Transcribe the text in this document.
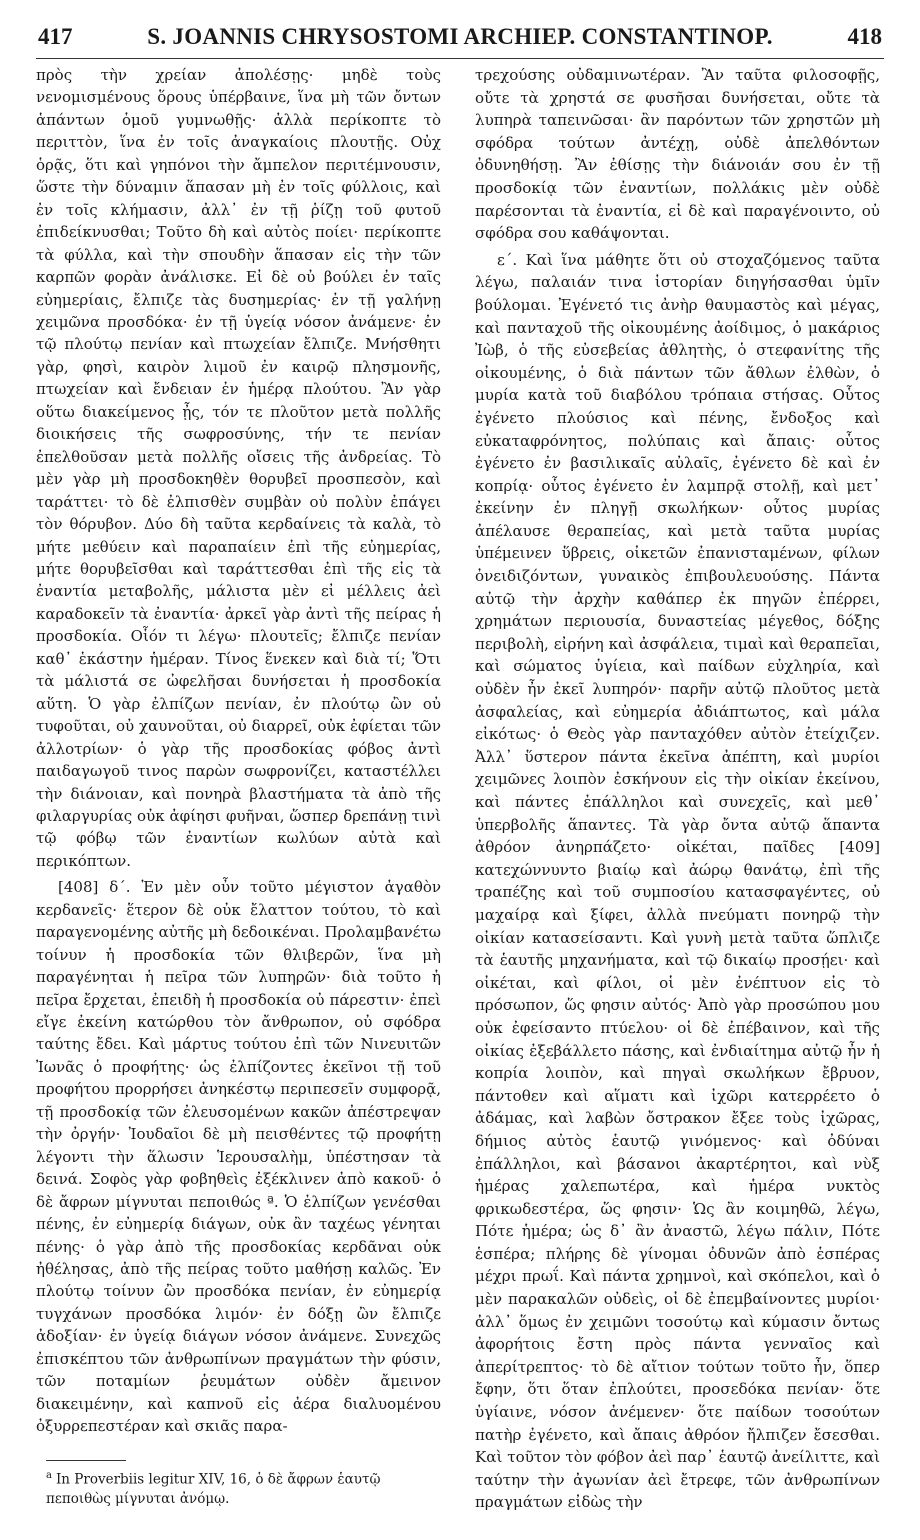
417	S. JOANNIS CHRYSOSTOMI ARCHIEP. CONSTANTINOP.	418

πρὸς τὴν χρείαν ἀπολέσῃς· μηδὲ τοὺς νενομισμένους ὅρους ὑπέρβαινε, ἵνα μὴ τῶν ὄντων ἁπάντων ὁμοῦ γυμνωθῇς· ἀλλὰ περίκοπτε τὸ περιττὸν, ἵνα ἐν τοῖς ἀναγκαίοις πλουτῇς. Οὐχ ὁρᾷς, ὅτι καὶ γηπόνοι τὴν ἄμπελον περιτέμνουσιν, ὥστε τὴν δύναμιν ἅπασαν μὴ ἐν τοῖς φύλλοις, καὶ ἐν τοῖς κλήμασιν, ἀλλ᾽ ἐν τῇ ῥίζῃ τοῦ φυτοῦ ἐπιδείκνυσθαι; Τοῦτο δὴ καὶ αὐτὸς ποίει· περίκοπτε τὰ φύλλα, καὶ τὴν σπουδὴν ἅπασαν εἰς τὴν τῶν καρπῶν φορὰν ἀνάλισκε. Εἰ δὲ οὐ βούλει ἐν ταῖς εὐημερίαις, ἔλπιζε τὰς δυσημερίας· ἐν τῇ γαλήνῃ χειμῶνα προσδόκα· ἐν τῇ ὑγείᾳ νόσον ἀνάμενε· ἐν τῷ πλούτῳ πενίαν καὶ πτωχείαν ἔλπιζε. Μνήσθητι γὰρ, φησὶ, καιρὸν λιμοῦ ἐν καιρῷ πλησμονῆς, πτωχείαν καὶ ἔνδειαν ἐν ἡμέρᾳ πλούτου. Ἂν γὰρ οὕτω διακείμενος ᾖς, τόν τε πλοῦτον μετὰ πολλῆς διοικήσεις τῆς σωφροσύνης, τήν τε πενίαν ἐπελθοῦσαν μετὰ πολλῆς οἴσεις τῆς ἀνδρείας. Τὸ μὲν γὰρ μὴ προσδοκηθὲν θορυβεῖ προσπεσὸν, καὶ ταράττει· τὸ δὲ ἐλπισθὲν συμβὰν οὐ πολὺν ἐπάγει τὸν θόρυβον. Δύο δὴ ταῦτα κερδαίνεις τὰ καλὰ, τὸ μήτε μεθύειν καὶ παραπαίειν ἐπὶ τῆς εὐημερίας, μήτε θορυβεῖσθαι καὶ ταράττεσθαι ἐπὶ τῆς εἰς τὰ ἐναντία μεταβολῆς, μάλιστα μὲν εἰ μέλλεις ἀεὶ καραδοκεῖν τὰ ἐναντία· ἀρκεῖ γὰρ ἀντὶ τῆς πείρας ἡ προσδοκία. Οἷόν τι λέγω· πλουτεῖς; ἔλπιζε πενίαν καθ᾽ ἑκάστην ἡμέραν. Τίνος ἕνεκεν καὶ διὰ τί; Ὅτι τὰ μάλιστά σε ὠφελῆσαι δυνήσεται ἡ προσδοκία αὕτη. Ὁ γὰρ ἐλπίζων πενίαν, ἐν πλούτῳ ὢν οὐ τυφοῦται, οὐ χαυνοῦται, οὐ διαρρεῖ, οὐκ ἐφίεται τῶν ἀλλοτρίων· ὁ γὰρ τῆς προσδοκίας φόβος ἀντὶ παιδαγωγοῦ τινος παρὼν σωφρονίζει, καταστέλλει τὴν διάνοιαν, καὶ πονηρὰ βλαστήματα τὰ ἀπὸ τῆς φιλαργυρίας οὐκ ἀφίησι φυῆναι, ὥσπερ δρεπάνῃ τινὶ τῷ φόβῳ τῶν ἐναντίων κωλύων αὐτὰ καὶ περικόπτων.

[408] δ΄. Ἐν μὲν οὖν τοῦτο μέγιστον ἀγαθὸν κερδανεῖς· ἕτερον δὲ οὐκ ἔλαττον τούτου, τὸ καὶ παραγενομένης αὐτῆς μὴ δεδοικέναι. Προλαμβανέτω τοίνυν ἡ προσδοκία τῶν θλιβερῶν, ἵνα μὴ παραγένηται ἡ πεῖρα τῶν λυπηρῶν· διὰ τοῦτο ἡ πεῖρα ἔρχεται, ἐπειδὴ ἡ προσδοκία οὐ πάρεστιν· ἐπεὶ εἴγε ἐκείνη κατώρθου τὸν ἄνθρωπον, οὐ σφόδρα ταύτης ἔδει. Καὶ μάρτυς τούτου ἐπὶ τῶν Νινευιτῶν Ἰωνᾶς ὁ προφήτης· ὡς ἐλπίζοντες ἐκεῖνοι τῇ τοῦ προφήτου προρρήσει ἀνηκέστῳ περιπεσεῖν συμφορᾷ, τῇ προσδοκίᾳ τῶν ἐλευσομένων κακῶν ἀπέστρεψαν τὴν ὀργήν· Ἰουδαῖοι δὲ μὴ πεισθέντες τῷ προφήτῃ λέγοντι τὴν ἅλωσιν Ἱερουσαλὴμ, ὑπέστησαν τὰ δεινά. Σοφὸς γὰρ φοβηθεὶς ἐξέκλινεν ἀπὸ κακοῦ· ὁ δὲ ἄφρων μίγνυται πεποιθώς ª. Ὁ ἐλπίζων γενέσθαι πένης, ἐν εὐημερίᾳ διάγων, οὐκ ἂν ταχέως γένηται πένης· ὁ γὰρ ἀπὸ τῆς προσδοκίας κερδᾶναι οὐκ ἠθέλησας, ἀπὸ τῆς πείρας τοῦτο μαθήσῃ καλῶς. Ἐν πλούτῳ τοίνυν ὢν προσδόκα πενίαν, ἐν εὐημερίᾳ τυγχάνων προσδόκα λιμόν· ἐν δόξῃ ὢν ἔλπιζε ἀδοξίαν· ἐν ὑγείᾳ διάγων νόσον ἀνάμενε. Συνεχῶς ἐπισκέπτου τῶν ἀνθρωπίνων πραγμάτων τὴν φύσιν, τῶν ποταμίων ῥευμάτων οὐδὲν ἄμεινον διακειμένην, καὶ καπνοῦ εἰς ἀέρα διαλυομένου ὀξυρρεπεστέραν καὶ σκιᾶς παρα-

τρεχούσης οὐδαμινωτέραν. Ἂν ταῦτα φιλοσοφῇς, οὔτε τὰ χρηστά σε φυσῆσαι δυνήσεται, οὔτε τὰ λυπηρὰ ταπεινῶσαι· ἂν παρόντων τῶν χρηστῶν μὴ σφόδρα τούτων ἀντέχῃ, οὐδὲ ἀπελθόντων ὀδυνηθήσῃ. Ἂν ἐθίσῃς τὴν διάνοιάν σου ἐν τῇ προσδοκίᾳ τῶν ἐναντίων, πολλάκις μὲν οὐδὲ παρέσονται τὰ ἐναντία, εἰ δὲ καὶ παραγένοιντο, οὐ σφόδρα σου καθάψονται.

ε΄. Καὶ ἵνα μάθητε ὅτι οὐ στοχαζόμενος ταῦτα λέγω, παλαιάν τινα ἱστορίαν διηγήσασθαι ὑμῖν βούλομαι. Ἐγένετό τις ἀνὴρ θαυμαστὸς καὶ μέγας, καὶ πανταχοῦ τῆς οἰκουμένης ἀοίδιμος, ὁ μακάριος Ἰὼβ, ὁ τῆς εὐσεβείας ἀθλητὴς, ὁ στεφανίτης τῆς οἰκουμένης, ὁ διὰ πάντων τῶν ἄθλων ἐλθὼν, ὁ μυρία κατὰ τοῦ διαβόλου τρόπαια στήσας. Οὗτος ἐγένετο πλούσιος καὶ πένης, ἔνδοξος καὶ εὐκαταφρόνητος, πολύπαις καὶ ἄπαις· οὗτος ἐγένετο ἐν βασιλικαῖς αὐλαῖς, ἐγένετο δὲ καὶ ἐν κοπρίᾳ· οὗτος ἐγένετο ἐν λαμπρᾷ στολῇ, καὶ μετ᾽ ἐκείνην ἐν πληγῇ σκωλήκων· οὗτος μυρίας ἀπέλαυσε θεραπείας, καὶ μετὰ ταῦτα μυρίας ὑπέμεινεν ὕβρεις, οἰκετῶν ἐπανισταμένων, φίλων ὀνειδιζόντων, γυναικὸς ἐπιβουλευούσης. Πάντα αὐτῷ τὴν ἀρχὴν καθάπερ ἐκ πηγῶν ἐπέρρει, χρημάτων περιουσία, δυναστείας μέγεθος, δόξης περιβολὴ, εἰρήνη καὶ ἀσφάλεια, τιμαὶ καὶ θεραπεῖαι, καὶ σώματος ὑγίεια, καὶ παίδων εὐχληρία, καὶ οὐδὲν ἦν ἐκεῖ λυπηρόν· παρῆν αὐτῷ πλοῦτος μετὰ ἀσφαλείας, καὶ εὐημερία ἀδιάπτωτος, καὶ μάλα εἰκότως· ὁ Θεὸς γὰρ πανταχόθεν αὐτὸν ἐτείχιζεν. Ἀλλ᾽ ὕστερον πάντα ἐκεῖνα ἀπέπτη, καὶ μυρίοι χειμῶνες λοιπὸν ἐσκήνουν εἰς τὴν οἰκίαν ἐκείνου, καὶ πάντες ἐπάλληλοι καὶ συνεχεῖς, καὶ μεθ᾽ ὑπερβολῆς ἅπαντες. Τὰ γὰρ ὄντα αὐτῷ ἅπαντα ἀθρόον ἀνηρπάζετο· οἰκέται, παῖδες [409] κατεχώννυντο βιαίῳ καὶ ἀώρῳ θανάτῳ, ἐπὶ τῆς τραπέζης καὶ τοῦ συμποσίου κατασφαγέντες, οὐ μαχαίρᾳ καὶ ξίφει, ἀλλὰ πνεύματι πονηρῷ τὴν οἰκίαν κατασείσαντι. Καὶ γυνὴ μετὰ ταῦτα ὥπλιζε τὰ ἑαυτῆς μηχανήματα, καὶ τῷ δικαίῳ προσῄει· καὶ οἰκέται, καὶ φίλοι, οἱ μὲν ἐνέπτυον εἰς τὸ πρόσωπον, ὥς φησιν αὐτός· Ἀπὸ γὰρ προσώπου μου οὐκ ἐφείσαντο πτύελου· οἱ δὲ ἐπέβαινον, καὶ τῆς οἰκίας ἐξεβάλλετο πάσης, καὶ ἐνδιαίτημα αὐτῷ ἦν ἡ κοπρία λοιπὸν, καὶ πηγαὶ σκωλήκων ἔβρυον, πάντοθεν καὶ αἵματι καὶ ἰχῶρι κατερρέετο ὁ ἀδάμας, καὶ λαβὼν ὄστρακον ἔξεε τοὺς ἰχῶρας, δήμιος αὐτὸς ἑαυτῷ γινόμενος· καὶ ὀδύναι ἐπάλληλοι, καὶ βάσανοι ἀκαρτέρητοι, καὶ νὺξ ἡμέρας χαλεπωτέρα, καὶ ἡμέρα νυκτὸς φρικωδεστέρα, ὥς φησιν· Ὡς ἂν κοιμηθῶ, λέγω, Πότε ἡμέρα; ὡς δ᾽ ἂν ἀναστῶ, λέγω πάλιν, Πότε ἑσπέρα; πλήρης δὲ γίνομαι ὀδυνῶν ἀπὸ ἑσπέρας μέχρι πρωΐ. Καὶ πάντα χρημνοὶ, καὶ σκόπελοι, καὶ ὁ μὲν παρακαλῶν οὐδεὶς, οἱ δὲ ἐπεμβαίνοντες μυρίοι· ἀλλ᾽ ὅμως ἐν χειμῶνι τοσούτῳ καὶ κύμασιν ὄντως ἀφορήτοις ἔστη πρὸς πάντα γενναῖος καὶ ἀπερίτρεπτος· τὸ δὲ αἴτιον τούτων τοῦτο ἦν, ὅπερ ἔφην, ὅτι ὅταν ἐπλούτει, προσεδόκα πενίαν· ὅτε ὑγίαινε, νόσον ἀνέμενεν· ὅτε παίδων τοσούτων πατὴρ ἐγένετο, καὶ ἄπαις ἀθρόον ἤλπιζεν ἔσεσθαι. Καὶ τοῦτον τὸν φόβον ἀεὶ παρ᾽ ἑαυτῷ ἀνείλιττε, καὶ ταύτην τὴν ἀγωνίαν ἀεὶ ἔτρεφε, τῶν ἀνθρωπίνων πραγμάτων εἰδὼς τὴν

$^a$ In Proverbiis legitur XIV, 16, ὁ δὲ ἄφρων ἑαυτῷ πεποιθὼς μίγνυται ἀνόμῳ.
